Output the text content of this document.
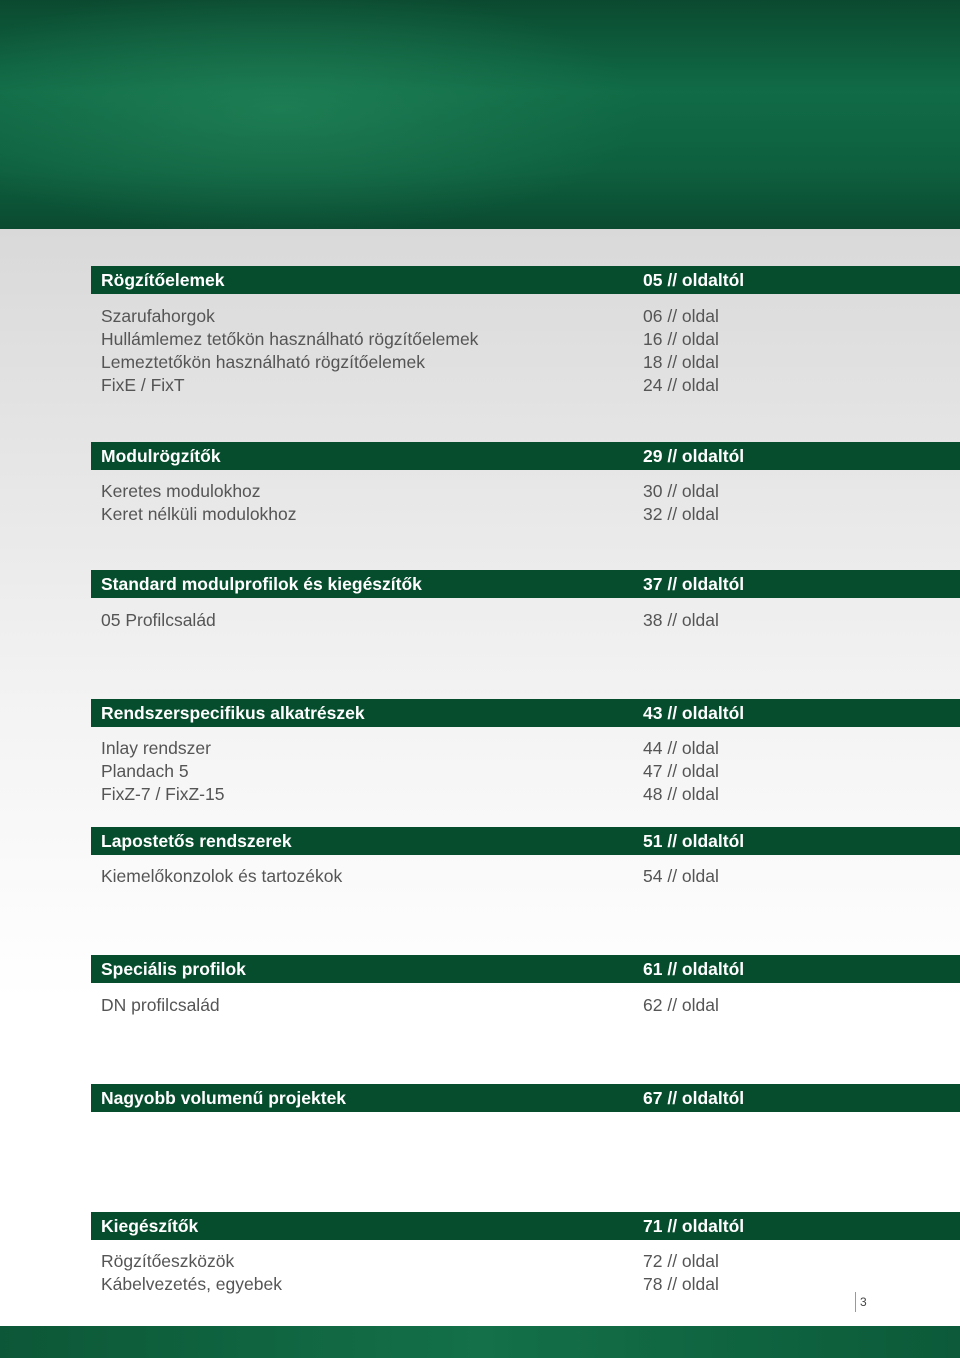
Rögzítőelemek	05 // oldaltól
Szarufahorgok	06 // oldal
Hullámlemez tetőkön használható rögzítőelemek	16 // oldal
Lemeztetőkön használható rögzítőelemek	18 // oldal
FixE / FixT	24 // oldal
Modulrögzítők	29 // oldaltól
Keretes modulokhoz	30 // oldal
Keret nélküli modulokhoz	32 // oldal
Standard modulprofilok és kiegészítők	37 // oldaltól
05 Profilcsalád	38 // oldal
Rendszerspecifikus alkatrészek	43 // oldaltól
Inlay rendszer	44 // oldal
Plandach 5	47 // oldal
FixZ-7 / FixZ-15	48 // oldal
Lapostetős rendszerek	51 // oldaltól
Kiemelőkonzolok és tartozékok	54 // oldal
Speciális profilok	61 // oldaltól
DN profilcsalád	62 // oldal
Nagyobb volumenű projektek	67 // oldaltól
Kiegészítők	71 // oldaltól
Rögzítőeszközök	72 // oldal
Kábelvezetés, egyebek	78 // oldal
3
